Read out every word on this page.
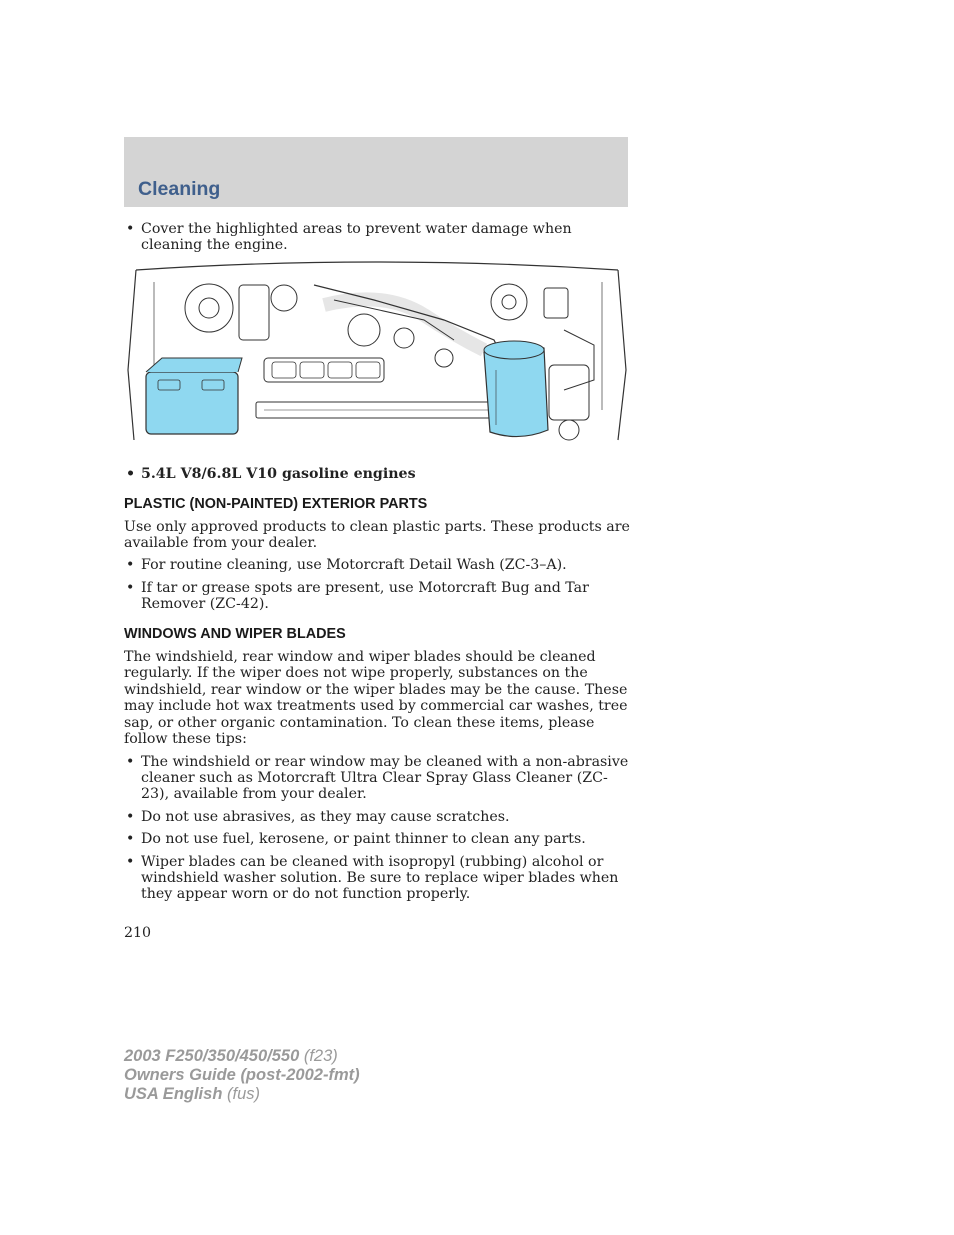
Cleaning

• Cover the highlighted areas to prevent water damage when cleaning the engine.

• 5.4L V8/6.8L V10 gasoline engines

PLASTIC (NON-PAINTED) EXTERIOR PARTS

Use only approved products to clean plastic parts. These products are available from your dealer.

• For routine cleaning, use Motorcraft Detail Wash (ZC-3–A).

• If tar or grease spots are present, use Motorcraft Bug and Tar Remover (ZC-42).

WINDOWS AND WIPER BLADES

The windshield, rear window and wiper blades should be cleaned regularly. If the wiper does not wipe properly, substances on the windshield, rear window or the wiper blades may be the cause. These may include hot wax treatments used by commercial car washes, tree sap, or other organic contamination. To clean these items, please follow these tips:

• The windshield or rear window may be cleaned with a non-abrasive cleaner such as Motorcraft Ultra Clear Spray Glass Cleaner (ZC-23), available from your dealer.

• Do not use abrasives, as they may cause scratches.

• Do not use fuel, kerosene, or paint thinner to clean any parts.

• Wiper blades can be cleaned with isopropyl (rubbing) alcohol or windshield washer solution. Be sure to replace wiper blades when they appear worn or do not function properly.

210
2003 F250/350/450/550 (f23)
Owners Guide (post-2002-fmt)
USA English (fus)
